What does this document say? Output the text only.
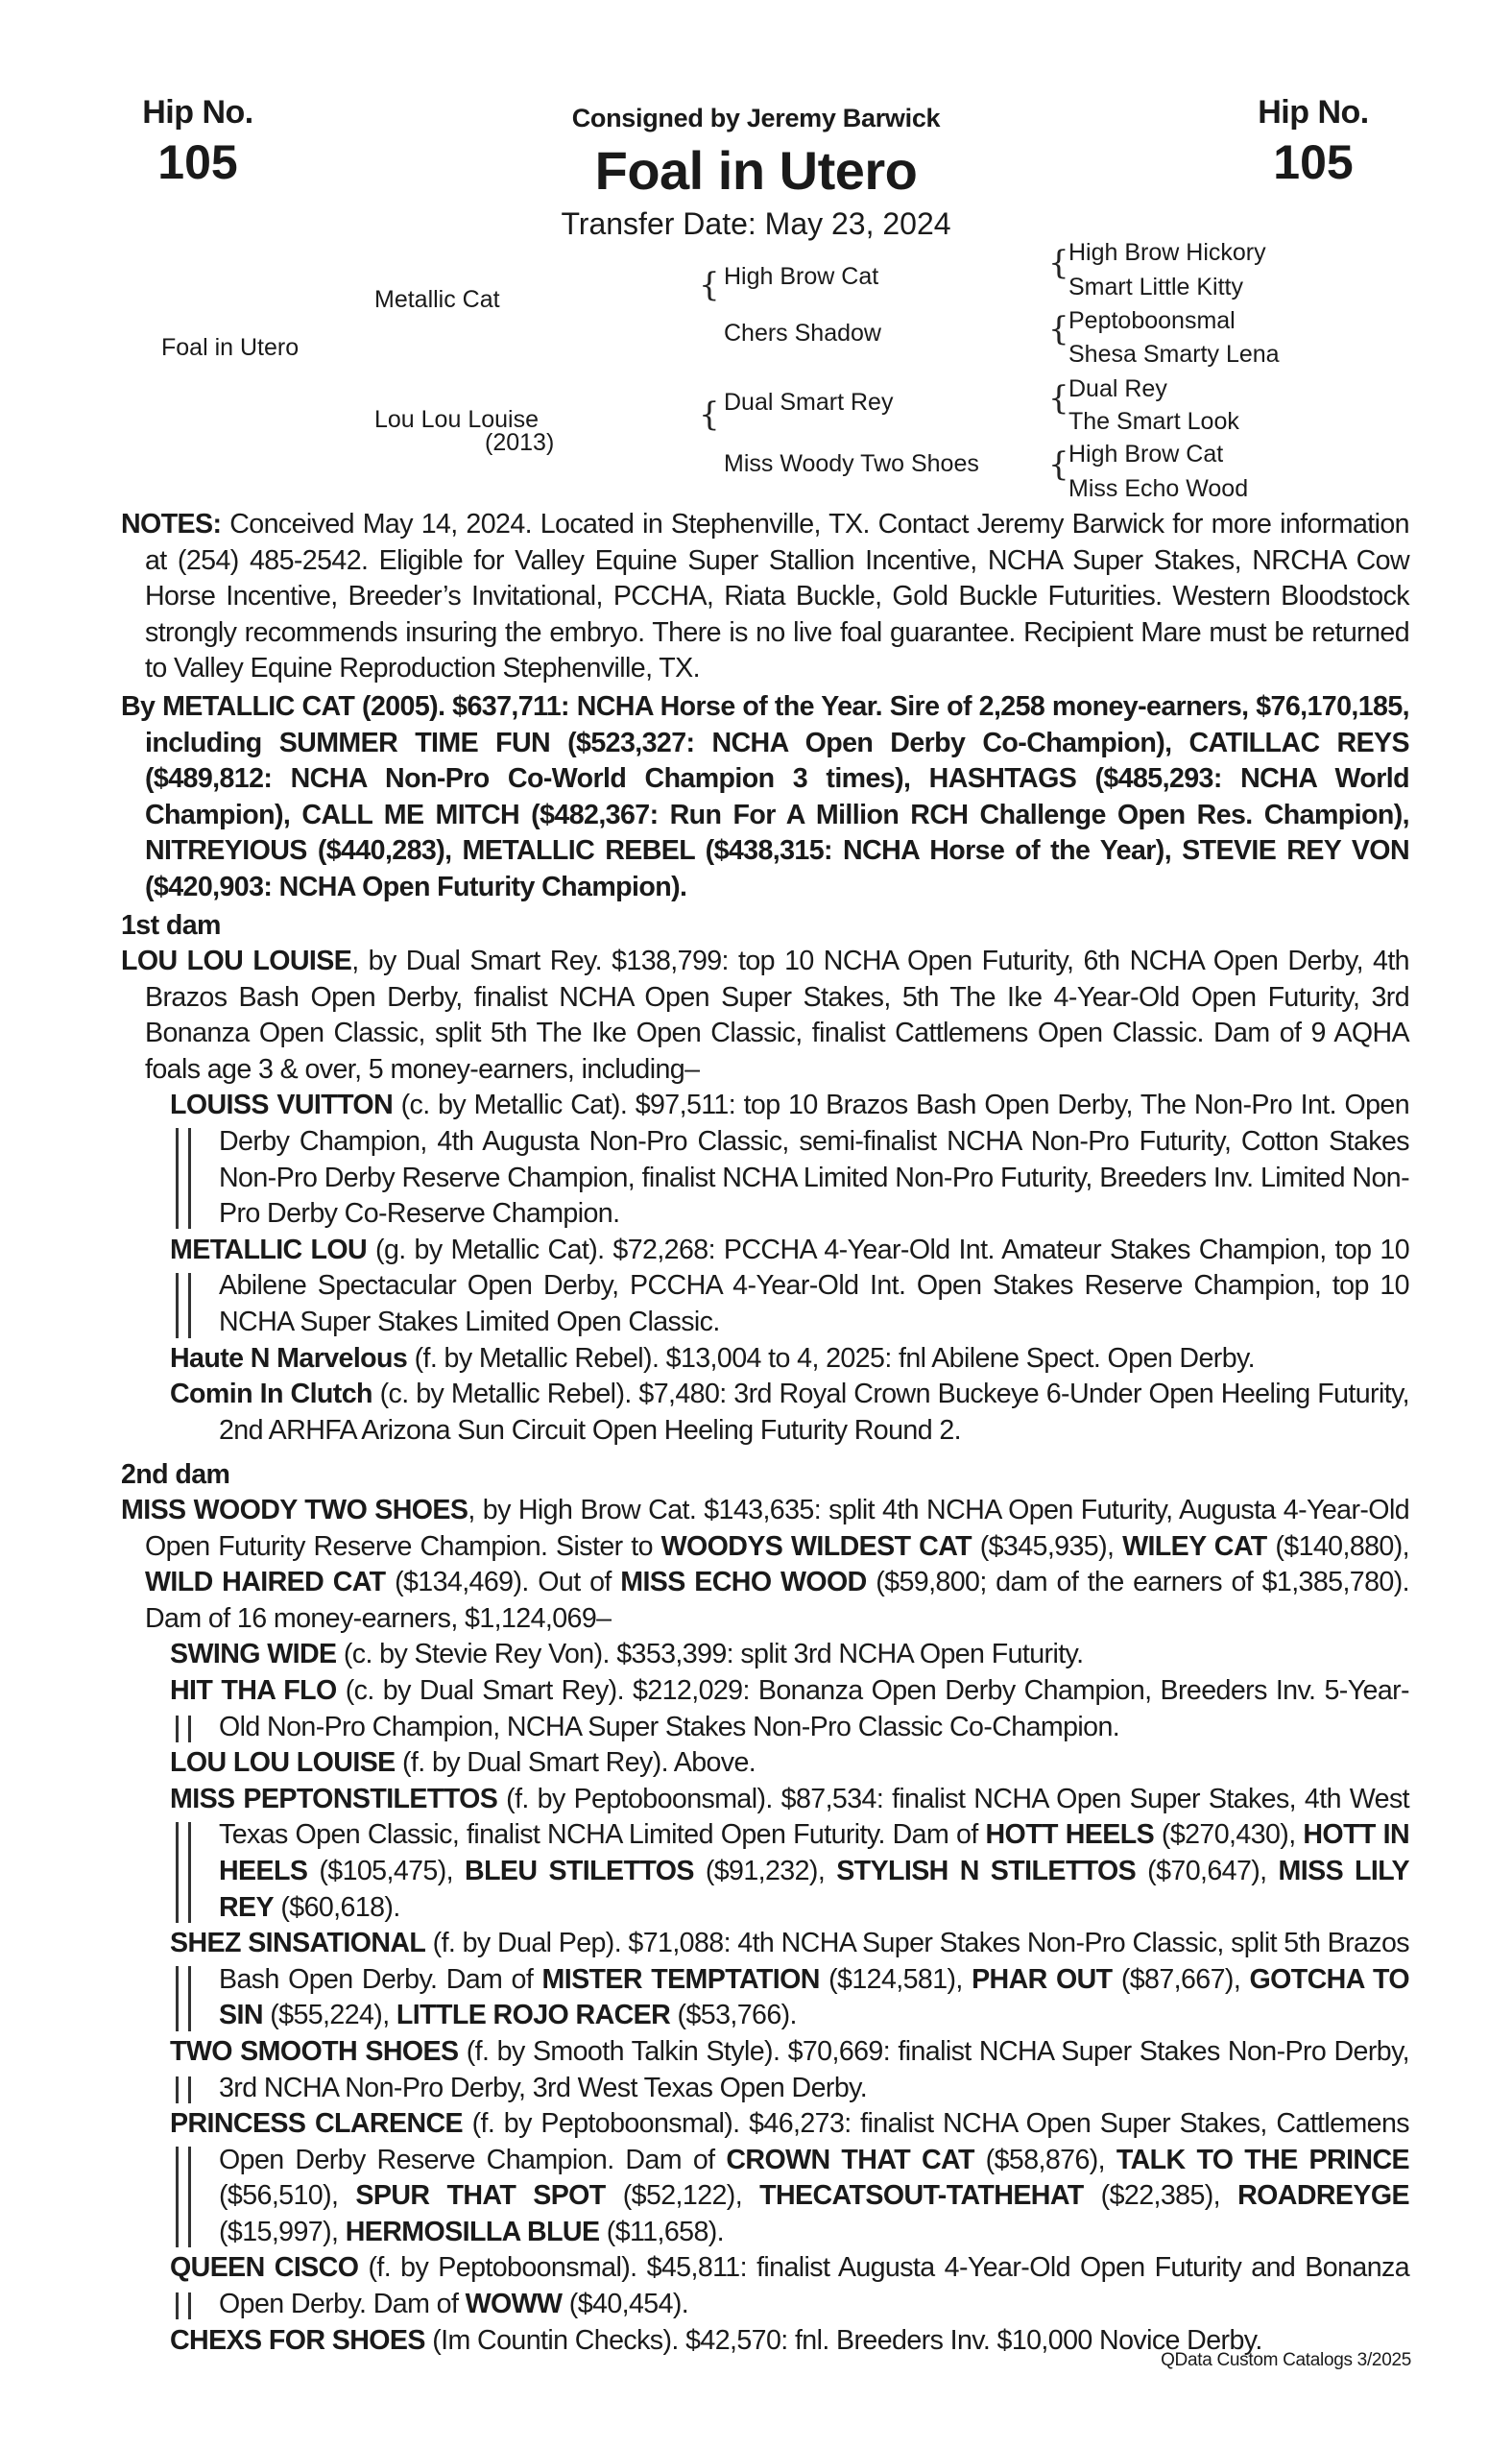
Hip No.
105
Hip No.
105
Consigned by Jeremy Barwick
Foal in Utero
Transfer Date: May 23, 2024
Foal in Utero
Metallic Cat
Lou Lou Louise
(2013)
{ High Brow Cat
Chers Shadow
{ Dual Smart Rey
Miss Woody Two Shoes
{ High Brow Hickory
Smart Little Kitty
{ Peptoboonsmal
Shesa Smarty Lena
{ Dual Rey
The Smart Look
{ High Brow Cat
Miss Echo Wood
NOTES: Conceived May 14, 2024. Located in Stephenville, TX. Contact Jeremy Barwick for more information at (254) 485-2542. Eligible for Valley Equine Super Stallion Incentive, NCHA Super Stakes, NRCHA Cow Horse Incentive, Breeder’s Invitational, PCCHA, Riata Buckle, Gold Buckle Futurities. Western Bloodstock strongly recommends insuring the embryo. There is no live foal guarantee. Recipient Mare must be returned to Valley Equine Reproduction Stephenville, TX.
By METALLIC CAT (2005). $637,711: NCHA Horse of the Year. Sire of 2,258 money-earners, $76,170,185, including SUMMER TIME FUN ($523,327: NCHA Open Derby Co-Champion), CATILLAC REYS ($489,812: NCHA Non-Pro Co-World Champion 3 times), HASHTAGS ($485,293: NCHA World Champion), CALL ME MITCH ($482,367: Run For A Million RCH Challenge Open Res. Champion), NITREYIOUS ($440,283), METALLIC REBEL ($438,315: NCHA Horse of the Year), STEVIE REY VON ($420,903: NCHA Open Futurity Champion).
1st dam
LOU LOU LOUISE, by Dual Smart Rey. $138,799: top 10 NCHA Open Futurity, 6th NCHA Open Derby, 4th Brazos Bash Open Derby, finalist NCHA Open Super Stakes, 5th The Ike 4-Year-Old Open Futurity, 3rd Bonanza Open Classic, split 5th The Ike Open Classic, finalist Cattlemens Open Classic. Dam of 9 AQHA foals age 3 & over, 5 money-earners, including–
LOUISS VUITTON (c. by Metallic Cat). $97,511: top 10 Brazos Bash Open Derby, The Non-Pro Int. Open Derby Champion, 4th Augusta Non-Pro Classic, semi-finalist NCHA Non-Pro Futurity, Cotton Stakes Non-Pro Derby Reserve Champion, finalist NCHA Limited Non-Pro Futurity, Breeders Inv. Limited Non-Pro Derby Co-Reserve Champion.
METALLIC LOU (g. by Metallic Cat). $72,268: PCCHA 4-Year-Old Int. Amateur Stakes Champion, top 10 Abilene Spectacular Open Derby, PCCHA 4-Year-Old Int. Open Stakes Reserve Champion, top 10 NCHA Super Stakes Limited Open Classic.
Haute N Marvelous (f. by Metallic Rebel). $13,004 to 4, 2025: fnl Abilene Spect. Open Derby.
Comin In Clutch (c. by Metallic Rebel). $7,480: 3rd Royal Crown Buckeye 6-Under Open Heeling Futurity, 2nd ARHFA Arizona Sun Circuit Open Heeling Futurity Round 2.
2nd dam
MISS WOODY TWO SHOES, by High Brow Cat. $143,635: split 4th NCHA Open Futurity, Augusta 4-Year-Old Open Futurity Reserve Champion. Sister to WOODYS WILDEST CAT ($345,935), WILEY CAT ($140,880), WILD HAIRED CAT ($134,469). Out of MISS ECHO WOOD ($59,800; dam of the earners of $1,385,780). Dam of 16 money-earners, $1,124,069–
SWING WIDE (c. by Stevie Rey Von). $353,399: split 3rd NCHA Open Futurity.
HIT THA FLO (c. by Dual Smart Rey). $212,029: Bonanza Open Derby Champion, Breeders Inv. 5-Year-Old Non-Pro Champion, NCHA Super Stakes Non-Pro Classic Co-Champion.
LOU LOU LOUISE (f. by Dual Smart Rey). Above.
MISS PEPTONSTILETTOS (f. by Peptoboonsmal). $87,534: finalist NCHA Open Super Stakes, 4th West Texas Open Classic, finalist NCHA Limited Open Futurity. Dam of HOTT HEELS ($270,430), HOTT IN HEELS ($105,475), BLEU STILETTOS ($91,232), STYLISH N STILETTOS ($70,647), MISS LILY REY ($60,618).
SHEZ SINSATIONAL (f. by Dual Pep). $71,088: 4th NCHA Super Stakes Non-Pro Classic, split 5th Brazos Bash Open Derby. Dam of MISTER TEMPTATION ($124,581), PHAR OUT ($87,667), GOTCHA TO SIN ($55,224), LITTLE ROJO RACER ($53,766).
TWO SMOOTH SHOES (f. by Smooth Talkin Style). $70,669: finalist NCHA Super Stakes Non-Pro Derby, 3rd NCHA Non-Pro Derby, 3rd West Texas Open Derby.
PRINCESS CLARENCE (f. by Peptoboonsmal). $46,273: finalist NCHA Open Super Stakes, Cattlemens Open Derby Reserve Champion. Dam of CROWN THAT CAT ($58,876), TALK TO THE PRINCE ($56,510), SPUR THAT SPOT ($52,122), THECATSOUT-TATHEHAT ($22,385), ROADREYGE ($15,997), HERMOSILLA BLUE ($11,658).
QUEEN CISCO (f. by Peptoboonsmal). $45,811: finalist Augusta 4-Year-Old Open Futurity and Bonanza Open Derby. Dam of WOWW ($40,454).
CHEXS FOR SHOES (Im Countin Checks). $42,570: fnl. Breeders Inv. $10,000 Novice Derby.
QData Custom Catalogs 3/2025
